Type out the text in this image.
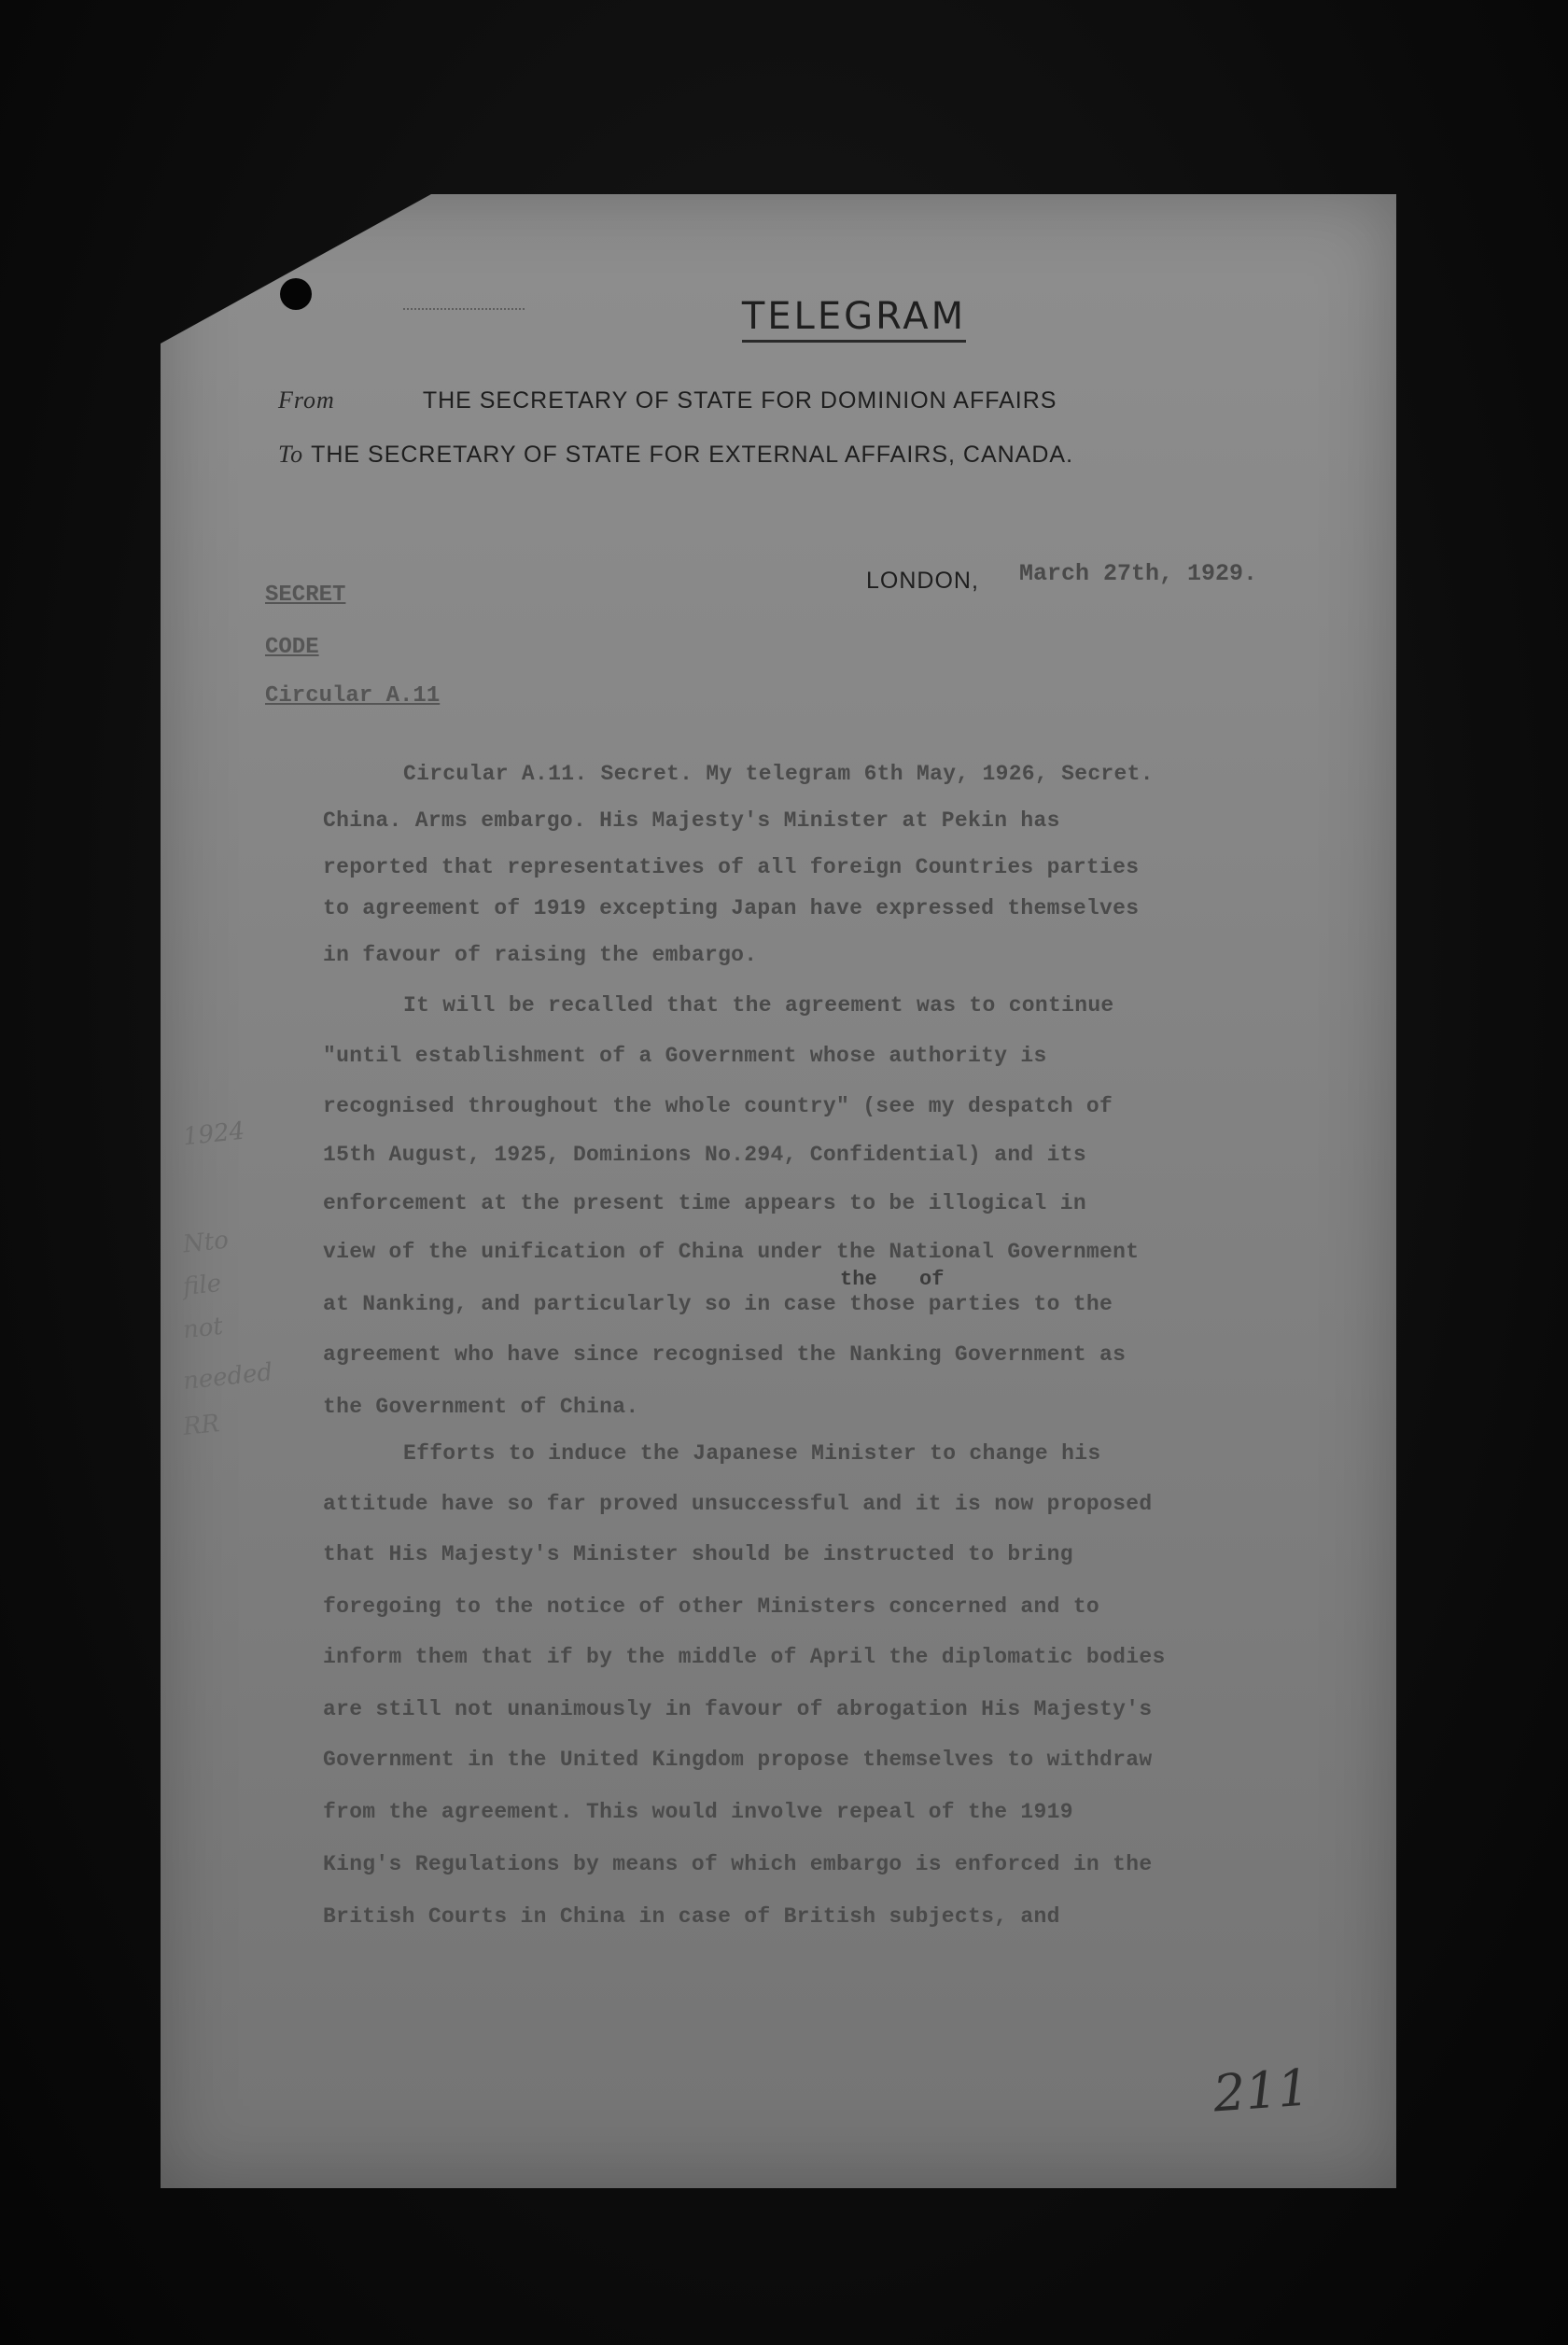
TELEGRAM
From	THE SECRETARY OF STATE FOR DOMINION AFFAIRS
To THE SECRETARY OF STATE FOR EXTERNAL AFFAIRS, CANADA.
LONDON, March 27th, 1929.
SECRET
CODE
Circular A.11
Circular A.11. Secret. My telegram 6th May, 1926, Secret.
China. Arms embargo. His Majesty's Minister at Pekin has
reported that representatives of all foreign Countries parties
to agreement of 1919 excepting Japan have expressed themselves
in favour of raising the embargo.
It will be recalled that the agreement was to continue
"until establishment of a Government whose authority is
recognised throughout the whole country" (see my despatch of
15th August, 1925, Dominions No.294, Confidential) and its
enforcement at the present time appears to be illogical in
view of the unification of China under the National Government
the of
at Nanking, and particularly so in case those parties to the
agreement who have since recognised the Nanking Government as
the Government of China.
Efforts to induce the Japanese Minister to change his
attitude have so far proved unsuccessful and it is now proposed
that His Majesty's Minister should be instructed to bring
foregoing to the notice of other Ministers concerned and to
inform them that if by the middle of April the diplomatic bodies
are still not unanimously in favour of abrogation His Majesty's
Government in the United Kingdom propose themselves to withdraw
from the agreement. This would involve repeal of the 1919
King's Regulations by means of which embargo is enforced in the
British Courts in China in case of British subjects, and
1924
Nto
file
not
needed
RR
211
